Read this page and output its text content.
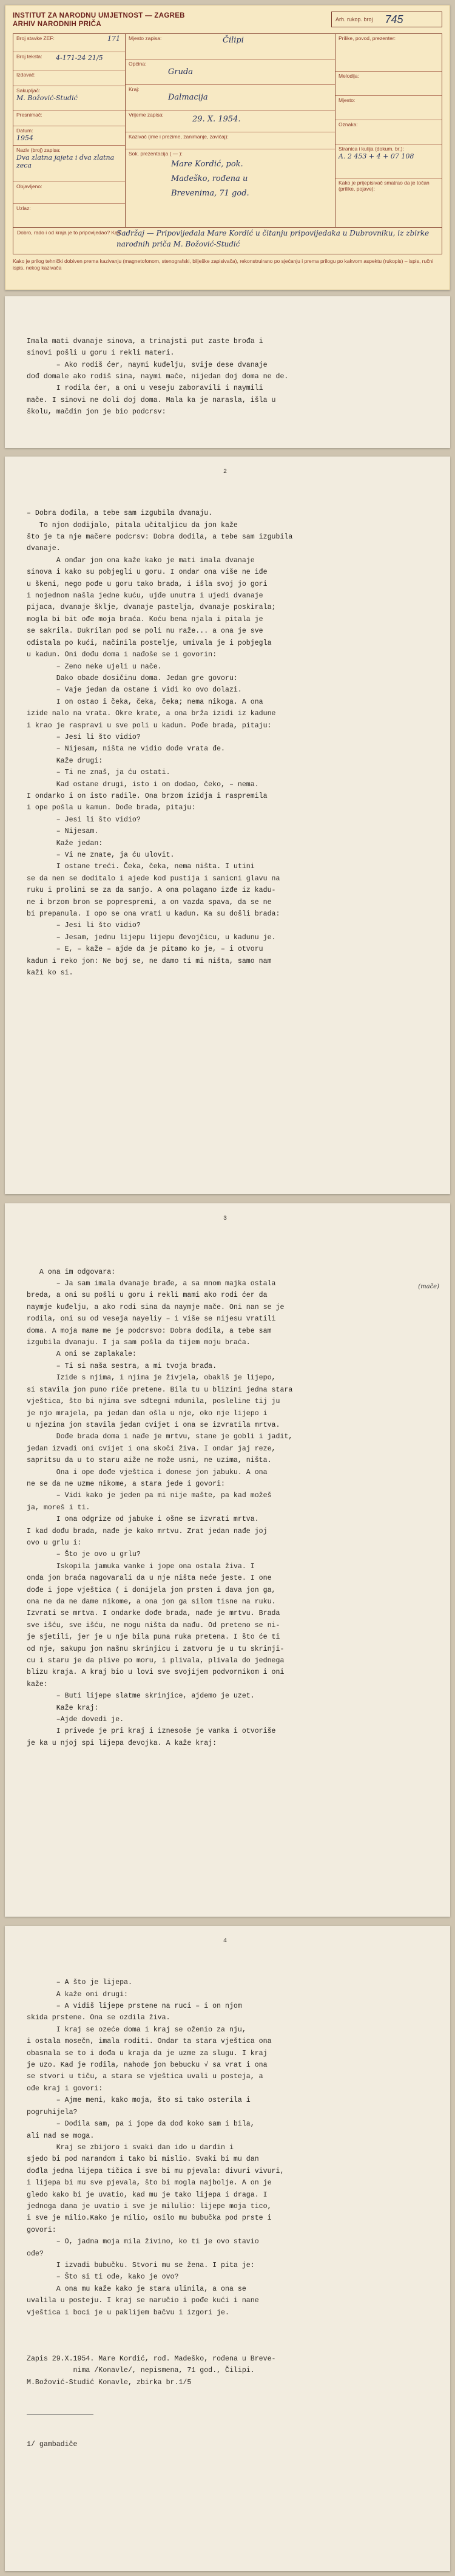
INSTITUT ZA NARODNU UMJETNOST — ZAGREB
ARHIV NARODNIH PRIČA
Arh. rukop. broj 745
Broj stavke ZEF:	171
Broj teksta: 4-171-24 21/5
Izdavač:
Sakupljač:
M. Božović-Studić
Presnimač:
Datum:
1954
Naziv (broj) zapisa:
Dva zlatna jajeta i dva zlatna zeca
Objavljeno:
Uzlaz:
Mjesto zapisa:	Čilipi
Općina:
Gruda
Kraj:
Dalmacija
Vrijeme zapisa:	29. X. 1954.
Kazivač (ime i prezime, zanimanje, zavičaj):
Sok. prezentacija ( — ):
Mare Kordić, pok. Madeško, rođena u Brevenima, 71 god.
Prilike, povod, prezenter:
Melodija:
Mjesto:
Oznaka:
Stranica i kutija (dokum. br.):
A. 2 453 + 4 + 07 108
Kako je prijepisivač smatrao da je točan (prilike, pojave):
Dobro, rado i od kraja je to pripovijedao? Kad:
Sadržaj — Pripovijedala Mare Kordić u čitanju pripovijedaka u Dubrovniku, iz zbirke narodnih priča M. Božović-Studić
Kako je prilog tehnički dobiven prema kazivanju (magnetofonom, stenografski, bilješke zapisivača), rekonstruirano po sjećanju i prema prilogu po kakvom aspektu (rukopis) – ispis, ručni ispis, nekog kazivača

Imala mati dvanaje sinova, a trinajsti put zaste brođa i
sinovi pošli u goru i rekli materi.
– Ako rodiš ćer, naymi kuđelju, svije dese dvanaje
dođ domale ako rodiš sina, naymi mače, nijedan doj doma ne de.
I rodila ćer, a oni u veseju zaboravili i naymili
mače. I sinovi ne doli doj doma. Mala ka je narasla, išla u
školu, mačdin jon je bio podcrsv:

2

– Dobra dođila, a tebe sam izgubila dvanaju.
To njon dodijalo, pitala učitaljicu da jon kaže
što je ta nje mačere podcrsv: Dobra dođila, a tebe sam izgubila
dvanaje.
A onđar jon ona kaže kako je mati imala dvanaje
sinova i kako su pobjegli u goru. I ondar ona više ne iđe
u škeni, nego pođe u goru tako brada, i išla svoj jo gori
i nojednom našla jedne kuću, ujđe unutra i ujedi dvanaje
pijaca, dvanaje šklje, dvanaje pastelja, dvanaje poskirala;
mogla bi bit ođe moja braća. Koću bena njala i pitala je
se sakrila. Dukrilan pod se poli nu raže... a ona je sve
ođistala po kući, načinila postelje, umivala je i pobjegla
u kadun. Oni dođu doma i nađoše se i govorin:
– Zeno neke ujeli u nače.
Dako obade dosičinu doma. Jedan gre govoru:
– Vaje jedan da ostane i vidi ko ovo dolazi.
I on ostao i čeka, čeka, čeka; nema nikoga. A ona
izide nalo na vrata. Okre krate, a ona brža izidi iz kadune
i krao je raspravi u sve poli u kadun. Pođe brada, pitaju:
– Jesi li što vidio?
– Nijesam, ništa ne vidio dođe vrata đe.
Kaže drugi:
– Ti ne znaš, ja ću ostati.
Kad ostane drugi, isto i on dodao, čeko, – nema.
I ondarko i on isto radile. Ona brzom izidja i raspremila
i ope pošla u kamun. Dođe brada, pitaju:
– Jesi li što vidio?
– Nijesam.
Kaže jedan:
– Vi ne znate, ja ću ulovit.
I ostane treći. Čeka, čeka, nema ništa. I utini
se da nen se doditalo i ajede kod pustija i sanicni glavu na
ruku i prolini se za da sanjo. A ona polagano izđe iz kadu-
ne i brzom bron se poprespremi, a on vazda spava, da se ne
bi prepanula. I opo se ona vrati u kadun. Ka su došli brada:
– Jesi li što vidio?
– Jesam, jednu lijepu lijepu đevojčicu, u kadunu je.
– E, – kaže – ajde da je pitamo ko je, – i otvoru
kadun i reko jon: Ne boj se, ne damo ti mi ništa, samo nam
kaži ko si.

3

(mače)

A ona im odgovara:
– Ja sam imala dvanaje brađe, a sa mnom majka ostala
breda, a oni su pošli u goru i rekli mami ako rodi ćer da
naymje kuđelju, a ako rodi sina da naymje mače. Oni nan se je
rodila, oni su od veseja nayeliy – i više se nijesu vratili
doma. A moja mame me je podcrsvo: Dobra dođila, a tebe sam
izgubila dvanaju. I ja sam pošla da tijem moju braća.
A oni se zaplakale:
– Ti si naša sestra, a mi tvoja brađa.
Izide s njima, i njima je živjela, obaklš je lijepo,
si stavila jon puno riče pretene. Bila tu u blizini jedna stara
vještica, što bi njima sve sdtegni mdunila, posleline tij ju
je njo mrajela, pa jedan dan ošla u nje, oko nje lijepo i
u njezina jon stavila jedan cvijet i ona se izvratila mrtva.
Dođe brada doma i nađe je mrtvu, stane je gobli i jadit,
jedan izvadi oni cvijet i ona skoči živa. I ondar jaj reze,
sapritsu da u to staru aiže ne može usni, ne uzima, ništa.
Ona i ope dođe vještica i donese jon jabuku. A ona
ne se da ne uzme nikome, a stara jede i govori:
– Vidi kako je jeden pa mi nije mašte, pa kad možeš
ja, moreš i ti.
I ona odgrize od jabuke i ošne se izvrati mrtva.
I kad dođu brada, nađe je kako mrtvu. Zrat jedan nađe joj
ovo u grlu i:
– Što je ovo u grlu?
Iskopila jamuka vanke i jope ona ostala živa. I
onda jon braća nagovarali da u nje ništa neće jeste. I one
dođe i jope vještica ( i donijela jon prsten i dava jon ga,
ona ne da ne dame nikome, a ona jon ga silom tisne na ruku.
Izvrati se mrtva. I ondarke dođe brada, nađe je mrtvu. Brada
sve išću, sve išću, ne mogu ništa da nađu. Od preteno se ni-
je sjetili, jer je u nje bila puna ruka pretena. I što će ti
od nje, sakupu jon našnu skrinjicu i zatvoru je u tu skrinji-
cu i staru je da plive po moru, i plivala, plivala do jednega
blizu kraja. A kraj bio u lovi sve svojijem podvornikom i oni
kaže:
– Buti lijepe slatme skrinjice, ajdemo je uzet.
Kaže kraj:
–Ajde dovedi je.
I privede je pri kraj i iznesoše je vanka i otvoriše
je ka u njoj spi lijepa đevojka. A kaže kraj:

4

– A što je lijepa.
A kaže oni drugi:
– A vidiš lijepe prstene na ruci – i on njom
skida prstene. Ona se ozdila živa.
I kraj se ozeće doma i kraj se oženio za nju,
i ostala mosečn, imala roditi. Ondar ta stara vještica ona
obasnala se to i dođa u kraja da je uzme za slugu. I kraj
je uzo. Kad je rodila, nahode jon bebucku √ sa vrat i ona
se stvori u tiču, a stara se vještica uvali u posteja, a
ođe kraj i govori:
– Ajme meni, kako moja, što si tako osterila i
pogruhijela?
– Dođila sam, pa i jope da dođ koko sam i bila,
ali nad se moga.
Kraj se zbijoro i svaki dan ido u dardin i
sjedo bi pod narandom i tako bi mislio. Svaki bi mu dan
dođla jedna lijepa tičica i sve bi mu pjevala: divuri vivuri,
i lijepa bi mu sve pjevala, što bi mogla najbolje. A on je
gledo kako bi je uvatio, kad mu je tako lijepa i draga. I
jednoga dana je uvatio i sve je milulio: lijepe moja tico,
i sve je milio.Kako je milio, osilo mu bubučka pod prste i
govori:
– O, jadna moja mila živino, ko ti je ovo stavio
ođe?
I izvadi bubučku. Stvori mu se žena. I pita je:
– Što si ti ođe, kako je ovo?
A ona mu kaže kako je stara ulinila, a ona se
uvalila u posteju. I kraj se naručio i pođe kući i nane
vještica i boci je u paklijem bačvu i izgori je.

Zapis 29.X.1954. Mare Kordić, rođ. Madeško, rođena u Breve-
nima /Konavle/, nepismena, 71 god., Čilipi.
M.Božović-Studić Konavle, zbirka br.1/5

1/ gambadiče
